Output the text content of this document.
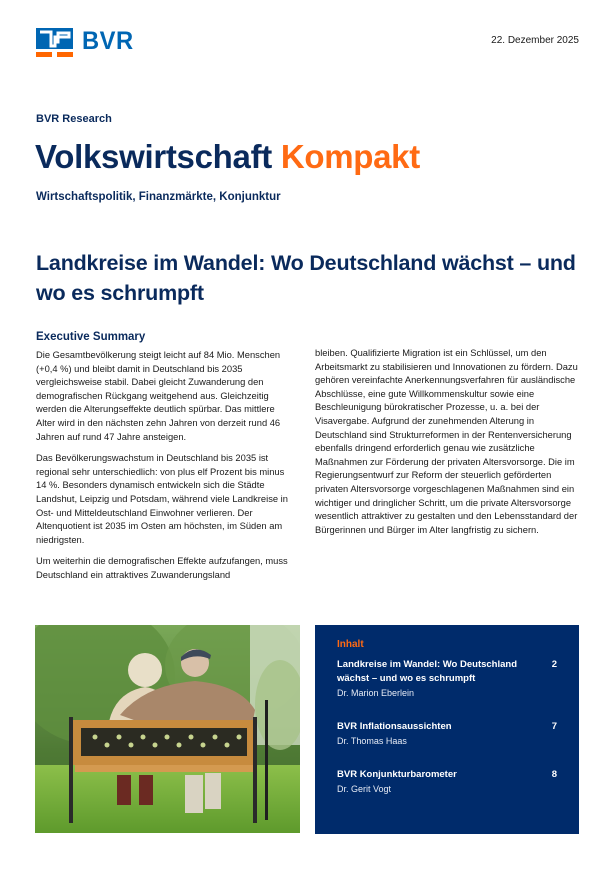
BVR	22. Dezember 2025
BVR Research
Volkswirtschaft Kompakt
Wirtschaftspolitik, Finanzmärkte, Konjunktur
Landkreise im Wandel: Wo Deutschland wächst – und wo es schrumpft
Executive Summary

Die Gesamtbevölkerung steigt leicht auf 84 Mio. Menschen (+0,4 %) und bleibt damit in Deutschland bis 2035 vergleichsweise stabil. Dabei gleicht Zuwanderung den demografischen Rückgang weitgehend aus. Gleichzeitig werden die Alterungseffekte deutlich spürbar. Das mittlere Alter wird in den nächsten zehn Jahren von derzeit rund 46 Jahren auf rund 47 Jahre ansteigen.

Das Bevölkerungswachstum in Deutschland bis 2035 ist regional sehr unterschiedlich: von plus elf Prozent bis minus 14 %. Besonders dynamisch entwickeln sich die Städte Landshut, Leipzig und Potsdam, während viele Landkreise in Ost- und Mitteldeutschland Einwohner verlieren. Der Altenquotient ist 2035 im Osten am höchsten, im Süden am niedrigsten.

Um weiterhin die demografischen Effekte aufzufangen, muss Deutschland ein attraktives Zuwanderungsland

bleiben. Qualifizierte Migration ist ein Schlüssel, um den Arbeitsmarkt zu stabilisieren und Innovationen zu fördern. Dazu gehören vereinfachte Anerkennungsverfahren für ausländische Abschlüsse, eine gute Willkommenskultur sowie eine Beschleunigung bürokratischer Prozesse, u. a. bei der Visavergabe. Aufgrund der zunehmenden Alterung in Deutschland sind Strukturreformen in der Rentenversicherung ebenfalls dringend erforderlich genau wie zusätzliche Maßnahmen zur Förderung der privaten Altersvorsorge. Die im Regierungsentwurf zur Reform der steuerlich geförderten privaten Altersvorsorge vorgeschlagenen Maßnahmen sind ein wichtiger und dringlicher Schritt, um die private Altersvorsorge wesentlich attraktiver zu gestalten und den Lebensstandard der Bürgerinnen und Bürger im Alter langfristig zu sichern.

Inhalt
Landkreise im Wandel: Wo Deutschland wächst – und wo es schrumpft
Dr. Marion Eberlein
2
BVR Inflationsaussichten
Dr. Thomas Haas
7
BVR Konjunkturbarometer
Dr. Gerit Vogt
8
